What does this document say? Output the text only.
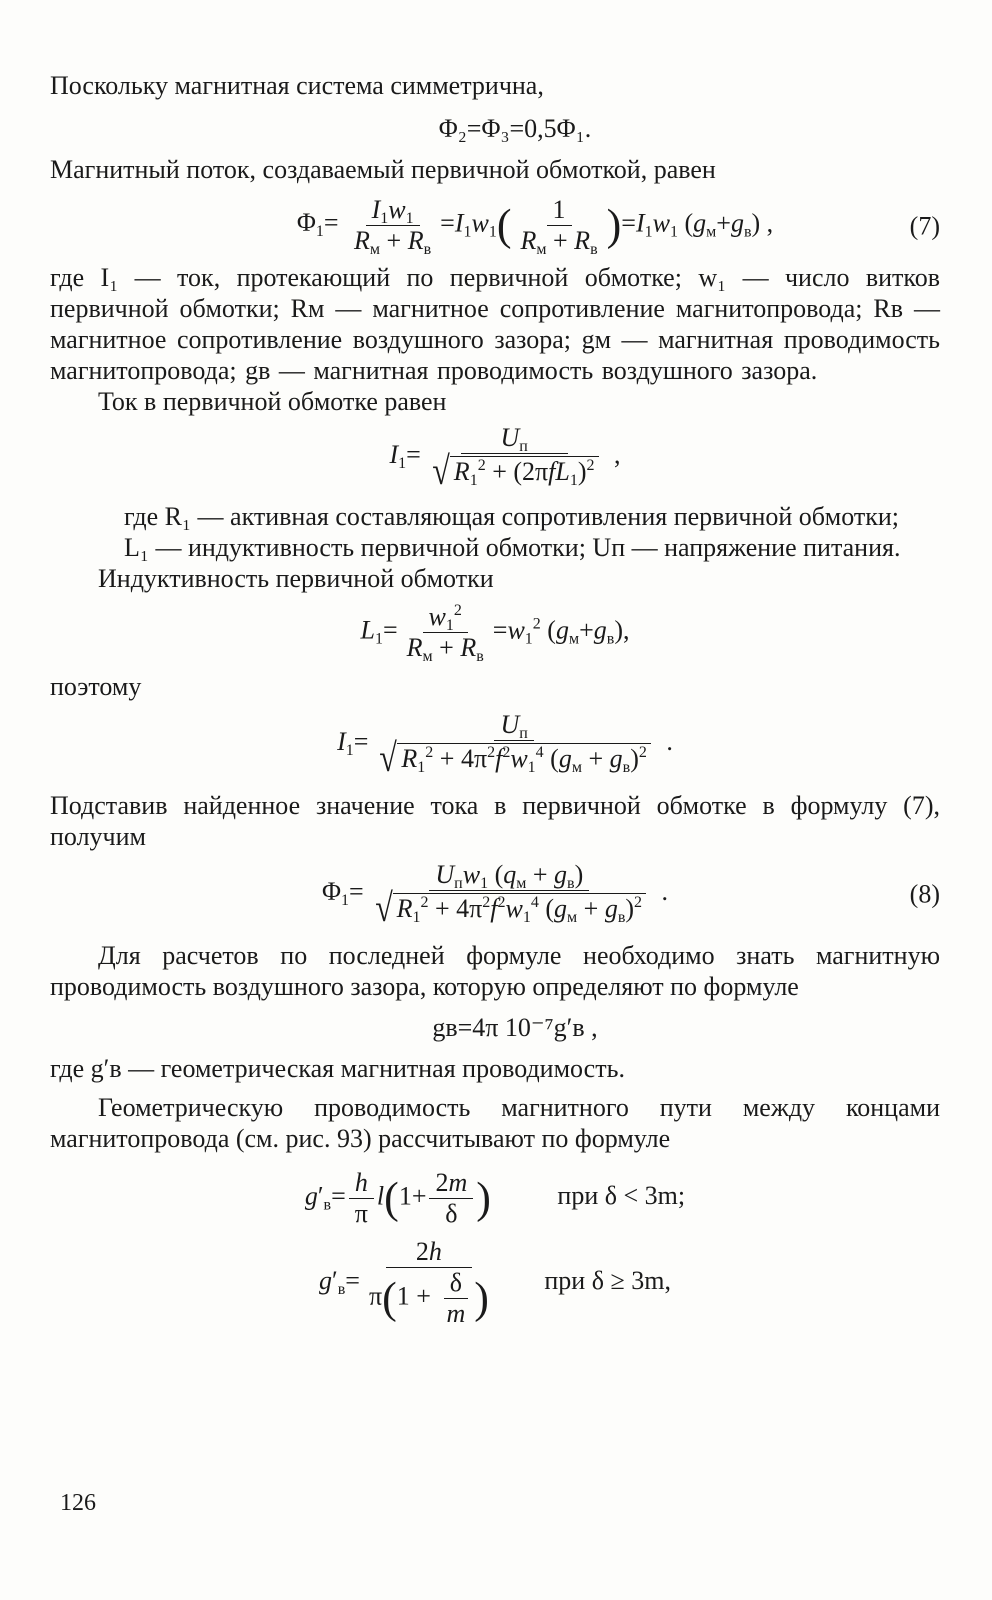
Поскольку магнитная система симметрична,

Φ₂=Φ₃=0,5Φ₁.

Магнитный поток, создаваемый первичной обмоткой, равен

$\Phi_1= \frac{I_1w_1}{R_м + R_в} =I_1w_1( \frac{1}{R_м + R_в} )=I_1w_1$ $(g_м+g_в)$ ,	(7)

где I₁ — ток, протекающий по первичной обмотке; w₁ — число витков первичной обмотки; Rм — магнитное сопротивление магнитопровода; Rв — магнитное сопротивление воздушного зазора; gм — магнитная проводимость магнитопровода; gв — магнитная проводимость воздушного зазора.

Ток в первичной обмотке равен

$I_1= \frac{U_п}{√ R_1^2 + (2\pi fL_1)^2}$ ,

где R₁ — активная составляющая сопротивления первичной обмотки;

L₁ — индуктивность первичной обмотки; Uп — напряжение питания.

Индуктивность первичной обмотки

$L_1= \frac{w_1^2}{R_м + R_в} =w_1^2$ $(g_м+g_в)$,

поэтому

$I_1= \frac{U_п}{√ R_1^2 + 4\pi^2f^2w_1^4 (g_м + g_в)^2}$ .

Подставив найденное значение тока в первичной обмотке в формулу (7), получим

$\Phi_1= \frac{U_пw_1 (q_м + g_в)}{√ R_1^2 + 4\pi^2f^2w_1^4 (g_м + g_в)^2}$ .	(8)

Для расчетов по последней формуле необходимо знать магнитную проводимость воздушного зазора, которую определяют по формуле

gв=4π 10⁻⁷g′в ,

где g′в — геометрическая магнитная проводимость.

Геометрическую проводимость магнитного пути между концами магнитопровода (см. рис. 93) рассчитывают по формуле

$g'_в= \frac{h}{\pi} l(1+ \frac{2m}{\delta}$ )	при δ < 3m;
$g'_в= \frac{2h}{\pi(1 + \frac{\delta}{m} )}$ при δ ≥ 3m,
126
